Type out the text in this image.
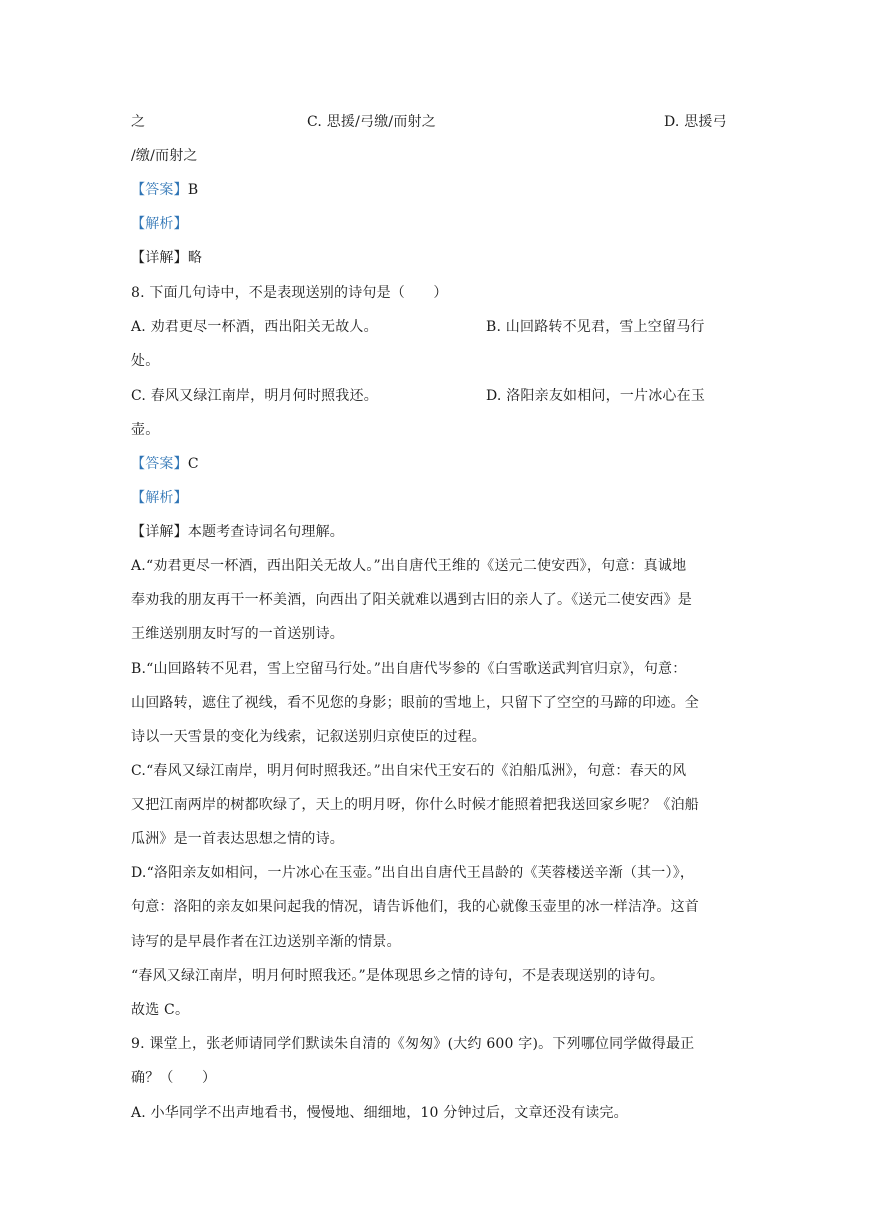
之	C. 思援/弓缴/而射之	D. 思援弓
/缴/而射之
【答案】B
【解析】
【详解】略
8. 下面几句诗中，不是表现送别的诗句是（　　）
A. 劝君更尽一杯酒，西出阳关无故人。	B. 山回路转不见君，雪上空留马行
处。
C. 春风又绿江南岸，明月何时照我还。	D. 洛阳亲友如相问，一片冰心在玉
壶。
【答案】C
【解析】
【详解】本题考查诗词名句理解。
A.“劝君更尽一杯酒，西出阳关无故人。”出自唐代王维的《送元二使安西》，句意：真诚地
奉劝我的朋友再干一杯美酒，向西出了阳关就难以遇到古旧的亲人了。《送元二使安西》是
王维送别朋友时写的一首送别诗。
B.“山回路转不见君，雪上空留马行处。”出自唐代岑参的《白雪歌送武判官归京》，句意：
山回路转，遮住了视线，看不见您的身影；眼前的雪地上，只留下了空空的马蹄的印迹。全
诗以一天雪景的变化为线索，记叙送别归京使臣的过程。
C.“春风又绿江南岸，明月何时照我还。”出自宋代王安石的《泊船瓜洲》，句意：春天的风
又把江南两岸的树都吹绿了，天上的明月呀，你什么时候才能照着把我送回家乡呢？《泊船
瓜洲》是一首表达思想之情的诗。
D.“洛阳亲友如相问，一片冰心在玉壶。”出自出自唐代王昌龄的《芙蓉楼送辛渐（其一）》，
句意：洛阳的亲友如果问起我的情况，请告诉他们，我的心就像玉壶里的冰一样洁净。这首
诗写的是早晨作者在江边送别辛渐的情景。
“春风又绿江南岸，明月何时照我还。”是体现思乡之情的诗句，不是表现送别的诗句。
故选 C。
9. 课堂上，张老师请同学们默读朱自清的《匆匆》(大约 600 字)。下列哪位同学做得最正
确？（　　）
A. 小华同学不出声地看书，慢慢地、细细地，10 分钟过后，文章还没有读完。
